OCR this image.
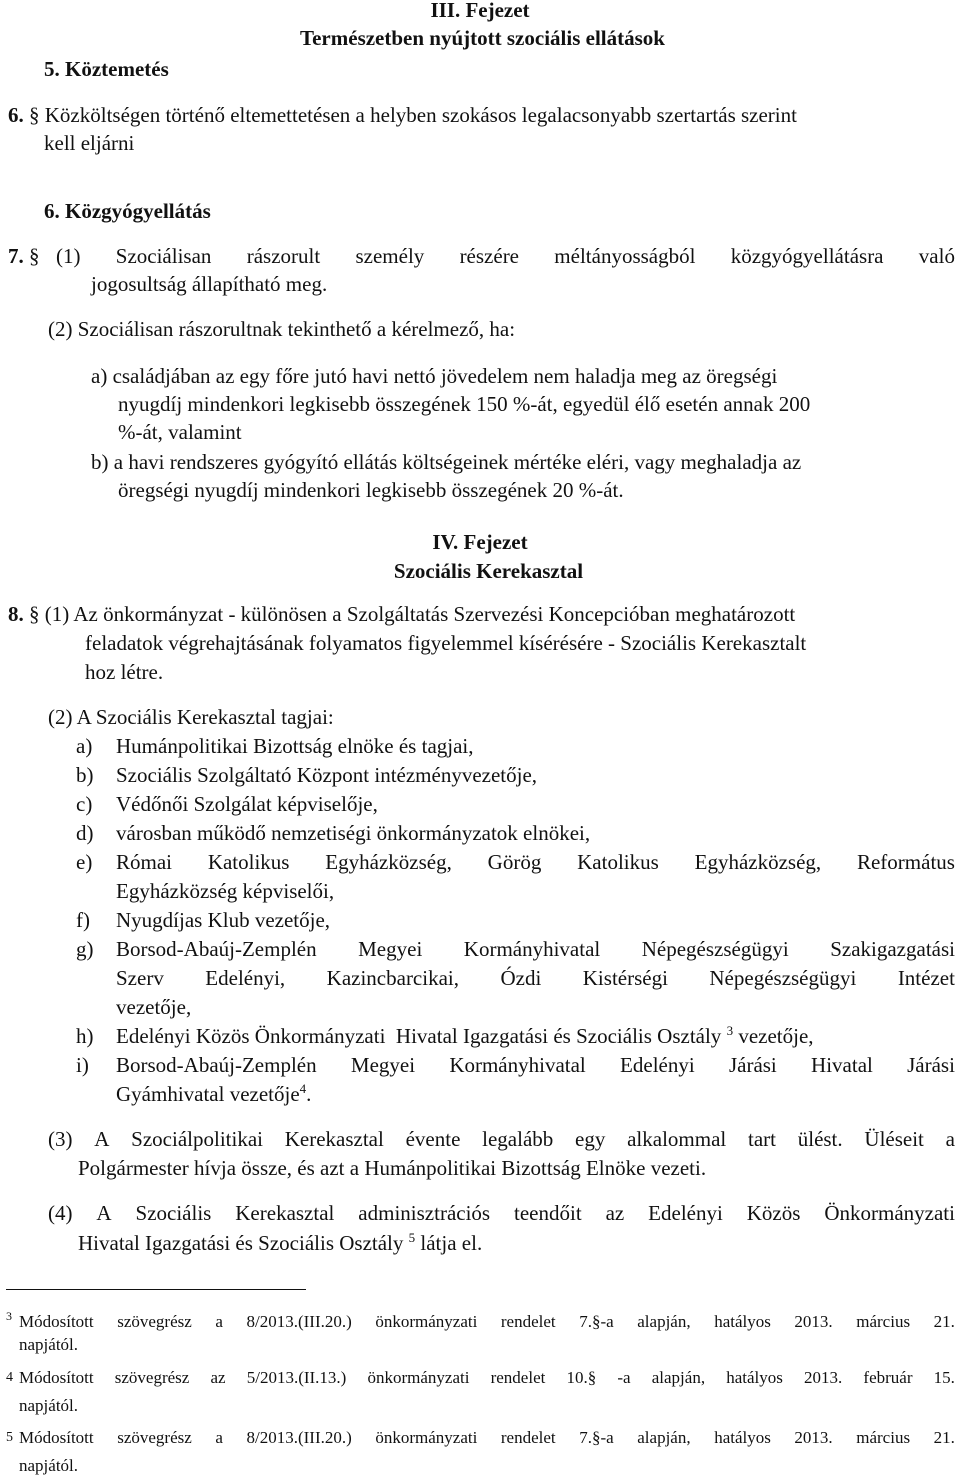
III. Fejezet
Természetben nyújtott szociális ellátások
5. Köztemetés
6. § Közköltségen történő eltemettetésen a helyben szokásos legalacsonyabb szertartás szerint
kell eljárni
6. Közgyógyellátás
7. § (1) Szociálisan rászorult személy részére méltányosságból közgyógyellátásra való
jogosultság állapítható meg.
(2) Szociálisan rászorultnak tekinthető a kérelmező, ha:
a) családjában az egy főre jutó havi nettó jövedelem nem haladja meg az öregségi
nyugdíj mindenkori legkisebb összegének 150 %-át, egyedül élő esetén annak 200
%-át, valamint
b) a havi rendszeres gyógyító ellátás költségeinek mértéke eléri, vagy meghaladja az
öregségi nyugdíj mindenkori legkisebb összegének 20 %-át.
IV. Fejezet
Szociális Kerekasztal
8. § (1) Az önkormányzat - különösen a Szolgáltatás Szervezési Koncepcióban meghatározott
feladatok végrehajtásának folyamatos figyelemmel kísérésére - Szociális Kerekasztalt
hoz létre.
(2) A Szociális Kerekasztal tagjai:
a) Humánpolitikai Bizottság elnöke és tagjai,
b) Szociális Szolgáltató Központ intézményvezetője,
c) Védőnői Szolgálat képviselője,
d) városban működő nemzetiségi önkormányzatok elnökei,
e) Római Katolikus Egyházközség, Görög Katolikus Egyházközség, Református
Egyházközség képviselői,
f) Nyugdíjas Klub vezetője,
g) Borsod-Abaúj-Zemplén Megyei Kormányhivatal Népegészségügyi Szakigazgatási
Szerv Edelényi, Kazincbarcikai, Ózdi Kistérségi Népegészségügyi Intézet
vezetője,
h) Edelényi Közös Önkormányzati  Hivatal Igazgatási és Szociális Osztály $^3$ vezetője,
i) Borsod-Abaúj-Zemplén Megyei Kormányhivatal Edelényi Járási Hivatal Járási
Gyámhivatal vezetője$^4$.
(3) A Szociálpolitikai Kerekasztal évente legalább egy alkalommal tart ülést. Üléseit a
Polgármester hívja össze, és azt a Humánpolitikai Bizottság Elnöke vezeti.
(4) A Szociális Kerekasztal adminisztrációs teendőit az Edelényi Közös Önkormányzati
Hivatal Igazgatási és Szociális Osztály $^5$ látja el.
$^3$ Módosított szövegrész a 8/2013.(III.20.) önkormányzati rendelet 7.§-a alapján, hatályos 2013. március 21.
napjától.
4 Módosított szövegrész az 5/2013.(II.13.) önkormányzati rendelet 10.§ -a alapján, hatályos 2013. február 15.
napjától.
5 Módosított szövegrész a 8/2013.(III.20.) önkormányzati rendelet 7.§-a alapján, hatályos 2013. március 21.
napjától.
